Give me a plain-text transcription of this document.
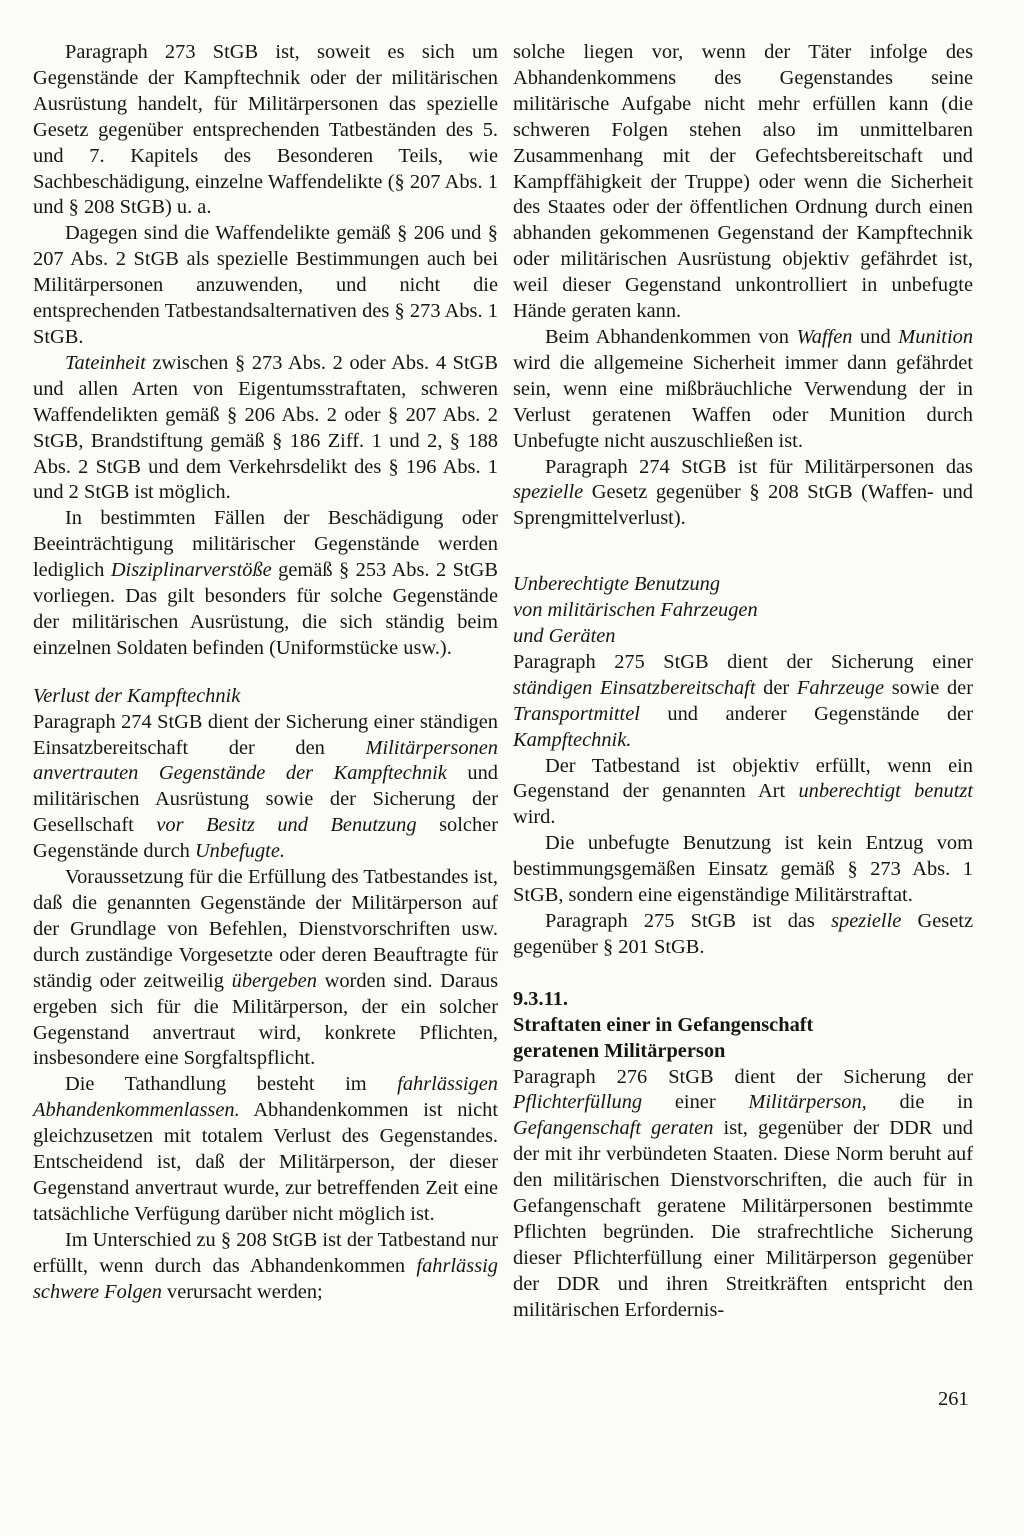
Paragraph 273 StGB ist, soweit es sich um Gegenstände der Kampftechnik oder der militärischen Ausrüstung handelt, für Militärpersonen das spezielle Gesetz gegenüber entsprechenden Tatbeständen des 5. und 7. Kapitels des Besonderen Teils, wie Sachbeschädigung, einzelne Waffendelikte (§ 207 Abs. 1 und § 208 StGB) u. a.

Dagegen sind die Waffendelikte gemäß § 206 und § 207 Abs. 2 StGB als spezielle Bestimmungen auch bei Militärpersonen anzuwenden, und nicht die entsprechenden Tatbestandsalternativen des § 273 Abs. 1 StGB.

Tateinheit zwischen § 273 Abs. 2 oder Abs. 4 StGB und allen Arten von Eigentumsstraftaten, schweren Waffendelikten gemäß § 206 Abs. 2 oder § 207 Abs. 2 StGB, Brandstiftung gemäß § 186 Ziff. 1 und 2, § 188 Abs. 2 StGB und dem Verkehrsdelikt des § 196 Abs. 1 und 2 StGB ist möglich.

In bestimmten Fällen der Beschädigung oder Beeinträchtigung militärischer Gegenstände werden lediglich Disziplinarverstöße gemäß § 253 Abs. 2 StGB vorliegen. Das gilt besonders für solche Gegenstände der militärischen Ausrüstung, die sich ständig beim einzelnen Soldaten befinden (Uniformstücke usw.).

Verlust der Kampftechnik

Paragraph 274 StGB dient der Sicherung einer ständigen Einsatzbereitschaft der den Militärpersonen anvertrauten Gegenstände der Kampftechnik und militärischen Ausrüstung sowie der Sicherung der Gesellschaft vor Besitz und Benutzung solcher Gegenstände durch Unbefugte.

Voraussetzung für die Erfüllung des Tatbestandes ist, daß die genannten Gegenstände der Militärperson auf der Grundlage von Befehlen, Dienstvorschriften usw. durch zuständige Vorgesetzte oder deren Beauftragte für ständig oder zeitweilig übergeben worden sind. Daraus ergeben sich für die Militärperson, der ein solcher Gegenstand anvertraut wird, konkrete Pflichten, insbesondere eine Sorgfaltspflicht.

Die Tathandlung besteht im fahrlässigen Abhandenkommenlassen. Abhandenkommen ist nicht gleichzusetzen mit totalem Verlust des Gegenstandes. Entscheidend ist, daß der Militärperson, der dieser Gegenstand anvertraut wurde, zur betreffenden Zeit eine tatsächliche Verfügung darüber nicht möglich ist.

Im Unterschied zu § 208 StGB ist der Tatbestand nur erfüllt, wenn durch das Abhandenkommen fahrlässig schwere Folgen verursacht werden;

solche liegen vor, wenn der Täter infolge des Abhandenkommens des Gegenstandes seine militärische Aufgabe nicht mehr erfüllen kann (die schweren Folgen stehen also im unmittelbaren Zusammenhang mit der Gefechtsbereitschaft und Kampffähigkeit der Truppe) oder wenn die Sicherheit des Staates oder der öffentlichen Ordnung durch einen abhanden gekommenen Gegenstand der Kampftechnik oder militärischen Ausrüstung objektiv gefährdet ist, weil dieser Gegenstand unkontrolliert in unbefugte Hände geraten kann.

Beim Abhandenkommen von Waffen und Munition wird die allgemeine Sicherheit immer dann gefährdet sein, wenn eine mißbräuchliche Verwendung der in Verlust geratenen Waffen oder Munition durch Unbefugte nicht auszuschließen ist.

Paragraph 274 StGB ist für Militärpersonen das spezielle Gesetz gegenüber § 208 StGB (Waffen- und Sprengmittelverlust).

Unberechtigte Benutzung
von militärischen Fahrzeugen
und Geräten

Paragraph 275 StGB dient der Sicherung einer ständigen Einsatzbereitschaft der Fahrzeuge sowie der Transportmittel und anderer Gegenstände der Kampftechnik.

Der Tatbestand ist objektiv erfüllt, wenn ein Gegenstand der genannten Art unberechtigt benutzt wird.

Die unbefugte Benutzung ist kein Entzug vom bestimmungsgemäßen Einsatz gemäß § 273 Abs. 1 StGB, sondern eine eigenständige Militärstraftat.

Paragraph 275 StGB ist das spezielle Gesetz gegenüber § 201 StGB.

9.3.11.
Straftaten einer in Gefangenschaft
geratenen Militärperson

Paragraph 276 StGB dient der Sicherung der Pflichterfüllung einer Militärperson, die in Gefangenschaft geraten ist, gegenüber der DDR und der mit ihr verbündeten Staaten. Diese Norm beruht auf den militärischen Dienstvorschriften, die auch für in Gefangenschaft geratene Militärpersonen bestimmte Pflichten begründen. Die strafrechtliche Sicherung dieser Pflichterfüllung einer Militärperson gegenüber der DDR und ihren Streitkräften entspricht den militärischen Erfordernis-

261
